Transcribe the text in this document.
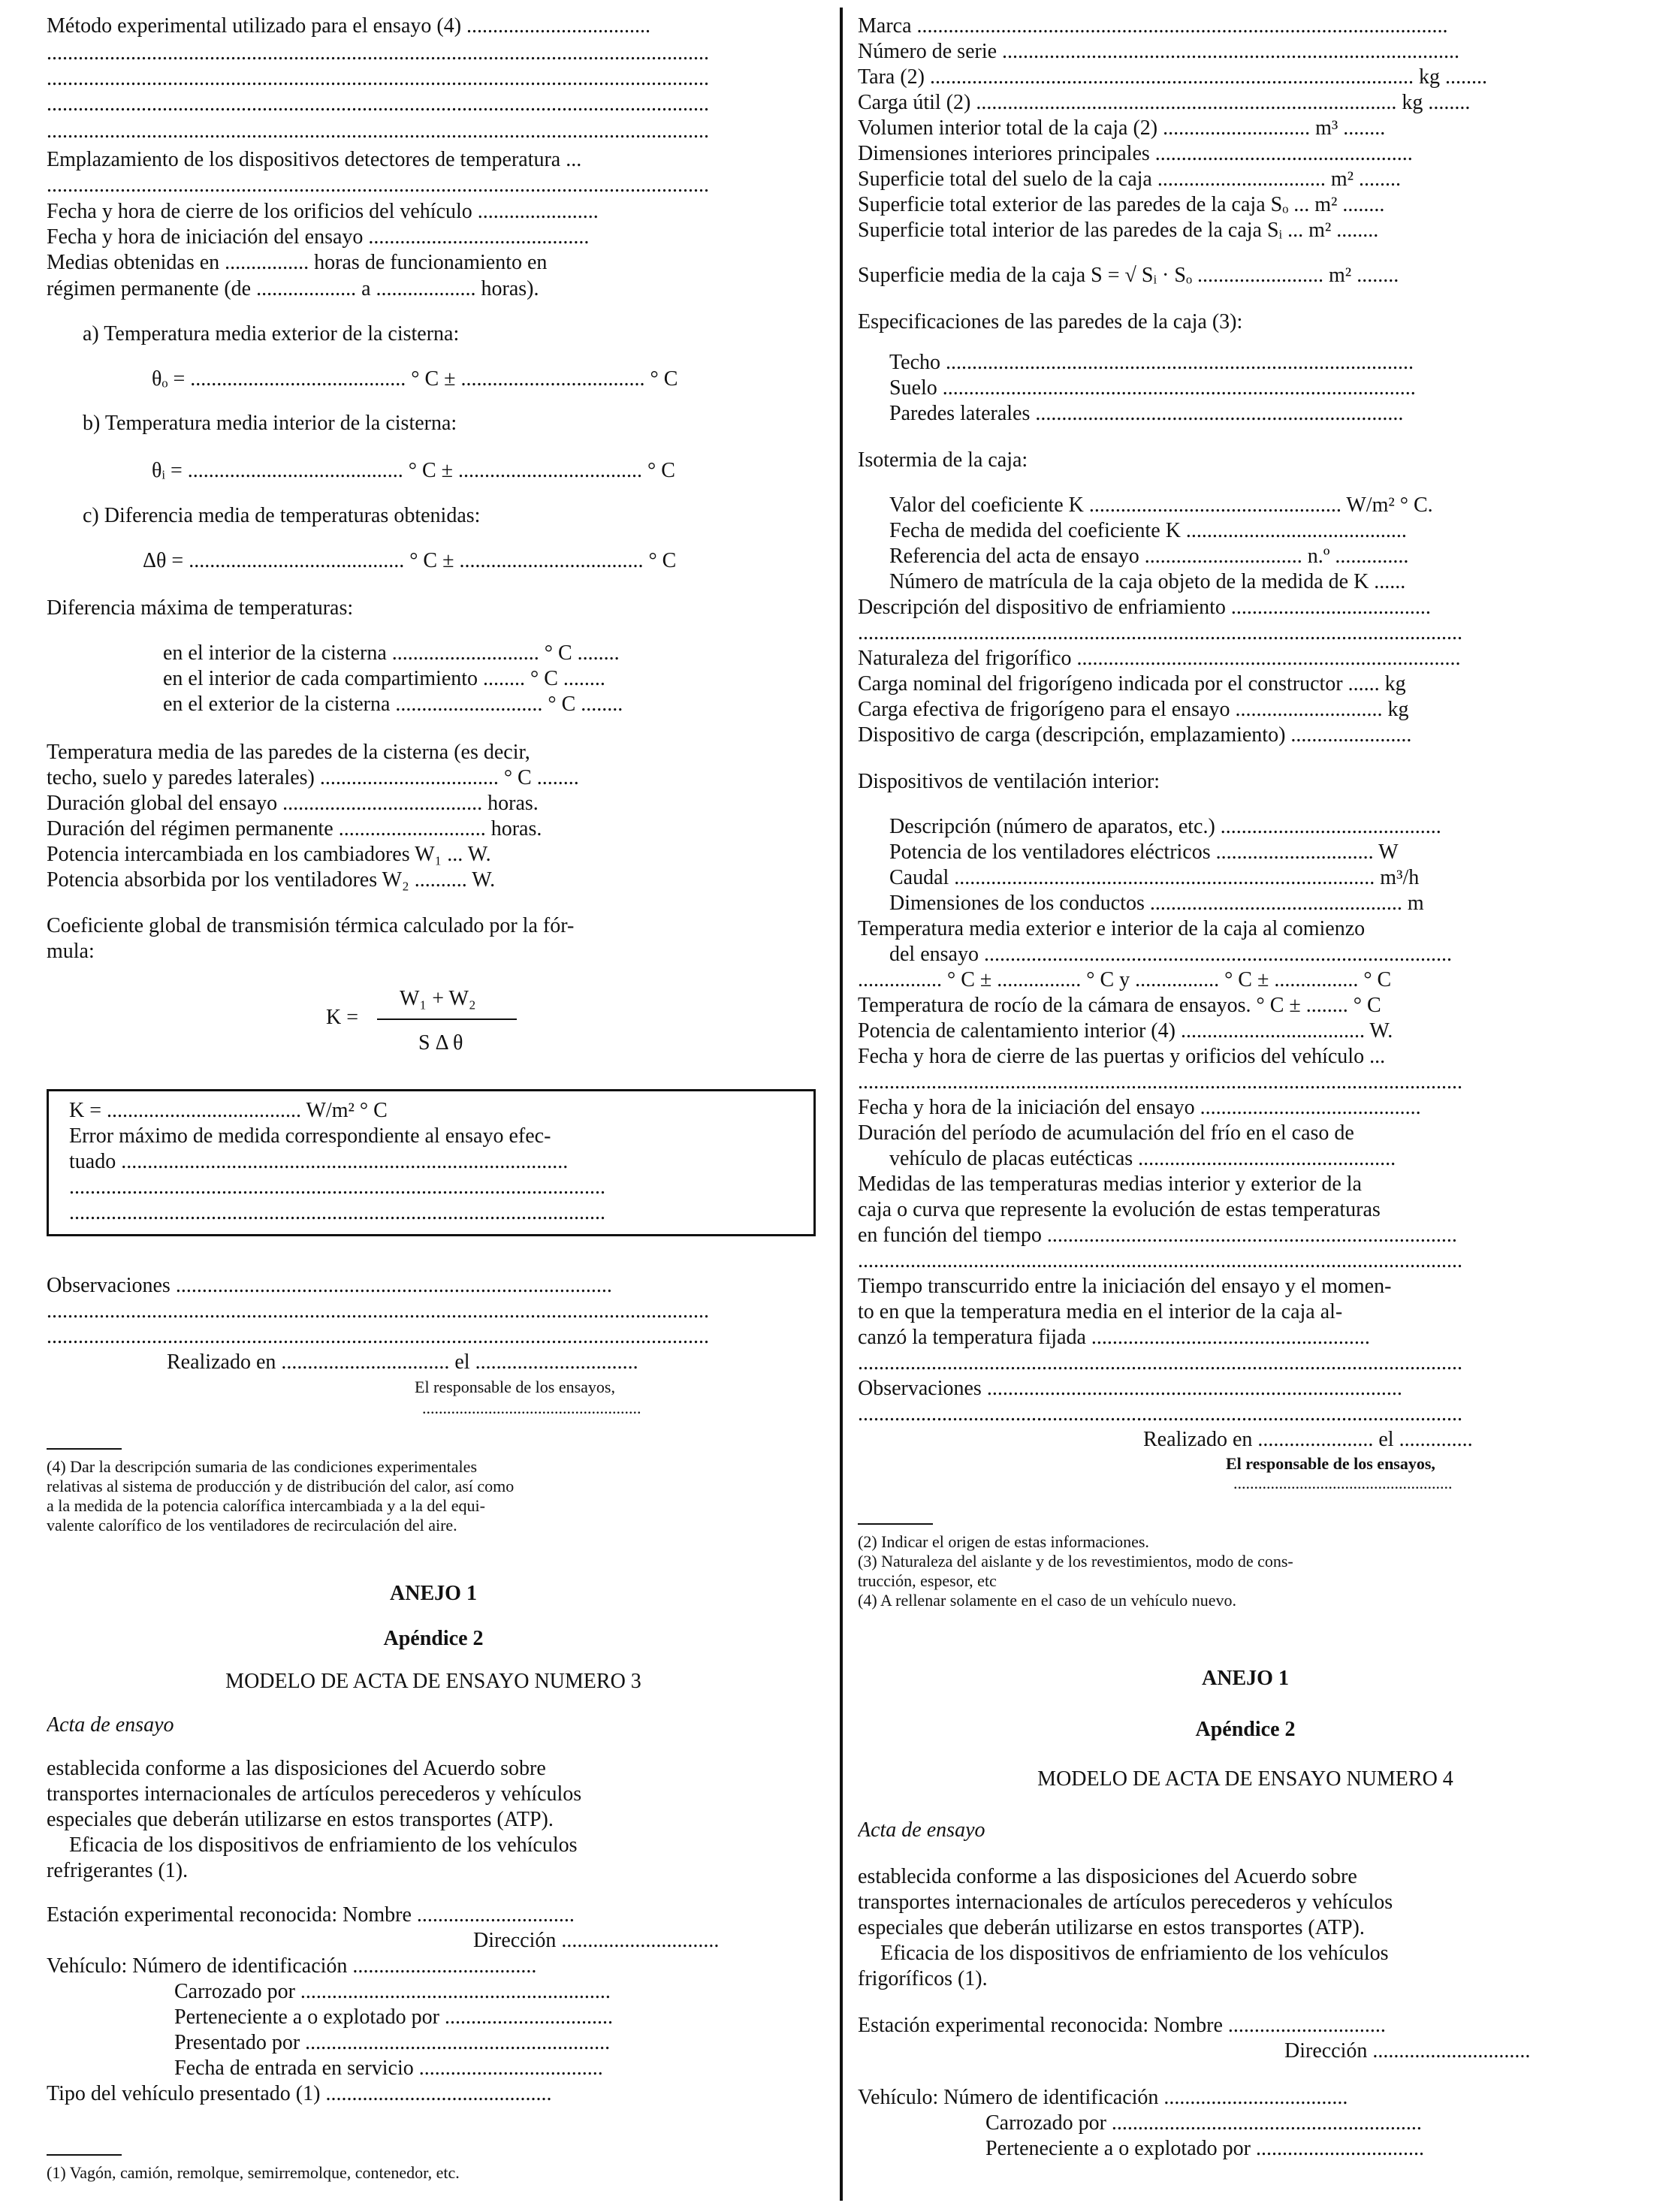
Método experimental utilizado para el ensayo (4) ...................................
..............................................................................................................................
..............................................................................................................................
..............................................................................................................................
..............................................................................................................................
Emplazamiento de los dispositivos detectores de temperatura ...
..............................................................................................................................
Fecha y hora de cierre de los orificios del vehículo .......................
Fecha y hora de iniciación del ensayo ..........................................
Medias obtenidas en ................ horas de funcionamiento en
régimen permanente (de ................... a ................... horas).
a) Temperatura media exterior de la cisterna:
θₒ = ......................................... ° C ± ................................... ° C
b) Temperatura media interior de la cisterna:
θᵢ = ......................................... ° C ± ................................... ° C
c) Diferencia media de temperaturas obtenidas:
Δθ = ......................................... ° C ± ................................... ° C
Diferencia máxima de temperaturas:
en el interior de la cisterna ............................ ° C ........
en el interior de cada compartimiento ........ ° C ........
en el exterior de la cisterna ............................ ° C ........
Temperatura media de las paredes de la cisterna (es decir,
techo, suelo y paredes laterales) .................................. ° C ........
Duración global del ensayo ...................................... horas.
Duración del régimen permanente ............................ horas.
Potencia intercambiada en los cambiadores W₁ ... W.
Potencia absorbida por los ventiladores W₂ .......... W.
Coeficiente global de transmisión térmica calculado por la fór-
mula:
W₁ + W₂
K =
S Δ θ
K = ..................................... W/m² ° C
Error máximo de medida correspondiente al ensayo efec-
tuado .....................................................................................
......................................................................................................
......................................................................................................
Observaciones ...................................................................................
..............................................................................................................................
..............................................................................................................................
Realizado en ................................ el ...............................
El responsable de los ensayos,
.....................................................
(4) Dar la descripción sumaria de las condiciones experimentales
relativas al sistema de producción y de distribución del calor, así como
a la medida de la potencia calorífica intercambiada y a la del equi-
valente calorífico de los ventiladores de recirculación del aire.
ANEJO 1
Apéndice 2
MODELO DE ACTA DE ENSAYO NUMERO 3
Acta de ensayo
establecida conforme a las disposiciones del Acuerdo sobre
transportes internacionales de artículos perecederos y vehículos
especiales que deberán utilizarse en estos transportes (ATP).
Eficacia de los dispositivos de enfriamiento de los vehículos
refrigerantes (1).
Estación experimental reconocida: Nombre ..............................
Dirección ..............................
Vehículo: Número de identificación ...................................
Carrozado por ...........................................................
Perteneciente a o explotado por ................................
Presentado por ..........................................................
Fecha de entrada en servicio ...................................
Tipo del vehículo presentado (1) ...........................................
(1) Vagón, camión, remolque, semirremolque, contenedor, etc.
Marca .....................................................................................................
Número de serie .......................................................................................
Tara (2) ............................................................................................ kg ........
Carga útil (2) ................................................................................ kg ........
Volumen interior total de la caja (2) ............................ m³ ........
Dimensiones interiores principales .................................................
Superficie total del suelo de la caja ................................ m² ........
Superficie total exterior de las paredes de la caja Sₒ ... m² ........
Superficie total interior de las paredes de la caja Sᵢ ... m² ........
Superficie media de la caja S = √ Sᵢ · Sₒ ........................ m² ........
Especificaciones de las paredes de la caja (3):
Techo .........................................................................................
Suelo ..........................................................................................
Paredes laterales ......................................................................
Isotermia de la caja:
Valor del coeficiente K ................................................ W/m² ° C.
Fecha de medida del coeficiente K ..........................................
Referencia del acta de ensayo .............................. n.º ..............
Número de matrícula de la caja objeto de la medida de K ......
Descripción del dispositivo de enfriamiento ......................................
...................................................................................................................
Naturaleza del frigorífico .........................................................................
Carga nominal del frigorígeno indicada por el constructor ...... kg
Carga efectiva de frigorígeno para el ensayo ............................ kg
Dispositivo de carga (descripción, emplazamiento) .......................
Dispositivos de ventilación interior:
Descripción (número de aparatos, etc.) ..........................................
Potencia de los ventiladores eléctricos .............................. W
Caudal ................................................................................ m³/h
Dimensiones de los conductos ................................................ m
Temperatura media exterior e interior de la caja al comienzo
del ensayo .........................................................................................
................ ° C ± ................ ° C y ................ ° C ± ................ ° C
Temperatura de rocío de la cámara de ensayos. ° C ± ........ ° C
Potencia de calentamiento interior (4) ................................... W.
Fecha y hora de cierre de las puertas y orificios del vehículo ...
...................................................................................................................
Fecha y hora de la iniciación del ensayo ..........................................
Duración del período de acumulación del frío en el caso de
vehículo de placas eutécticas .................................................
Medidas de las temperaturas medias interior y exterior de la
caja o curva que represente la evolución de estas temperaturas
en función del tiempo ..............................................................................
...................................................................................................................
Tiempo transcurrido entre la iniciación del ensayo y el momen-
to en que la temperatura media en el interior de la caja al-
canzó la temperatura fijada .....................................................
...................................................................................................................
Observaciones ...............................................................................
...................................................................................................................
Realizado en ...................... el ..............
El responsable de los ensayos,
.....................................................
(2) Indicar el origen de estas informaciones.
(3) Naturaleza del aislante y de los revestimientos, modo de cons-
trucción, espesor, etc
(4) A rellenar solamente en el caso de un vehículo nuevo.
ANEJO 1
Apéndice 2
MODELO DE ACTA DE ENSAYO NUMERO 4
Acta de ensayo
establecida conforme a las disposiciones del Acuerdo sobre
transportes internacionales de artículos perecederos y vehículos
especiales que deberán utilizarse en estos transportes (ATP).
Eficacia de los dispositivos de enfriamiento de los vehículos
frigoríficos (1).
Estación experimental reconocida: Nombre ..............................
Dirección ..............................
Vehículo: Número de identificación ...................................
Carrozado por ...........................................................
Perteneciente a o explotado por ................................
